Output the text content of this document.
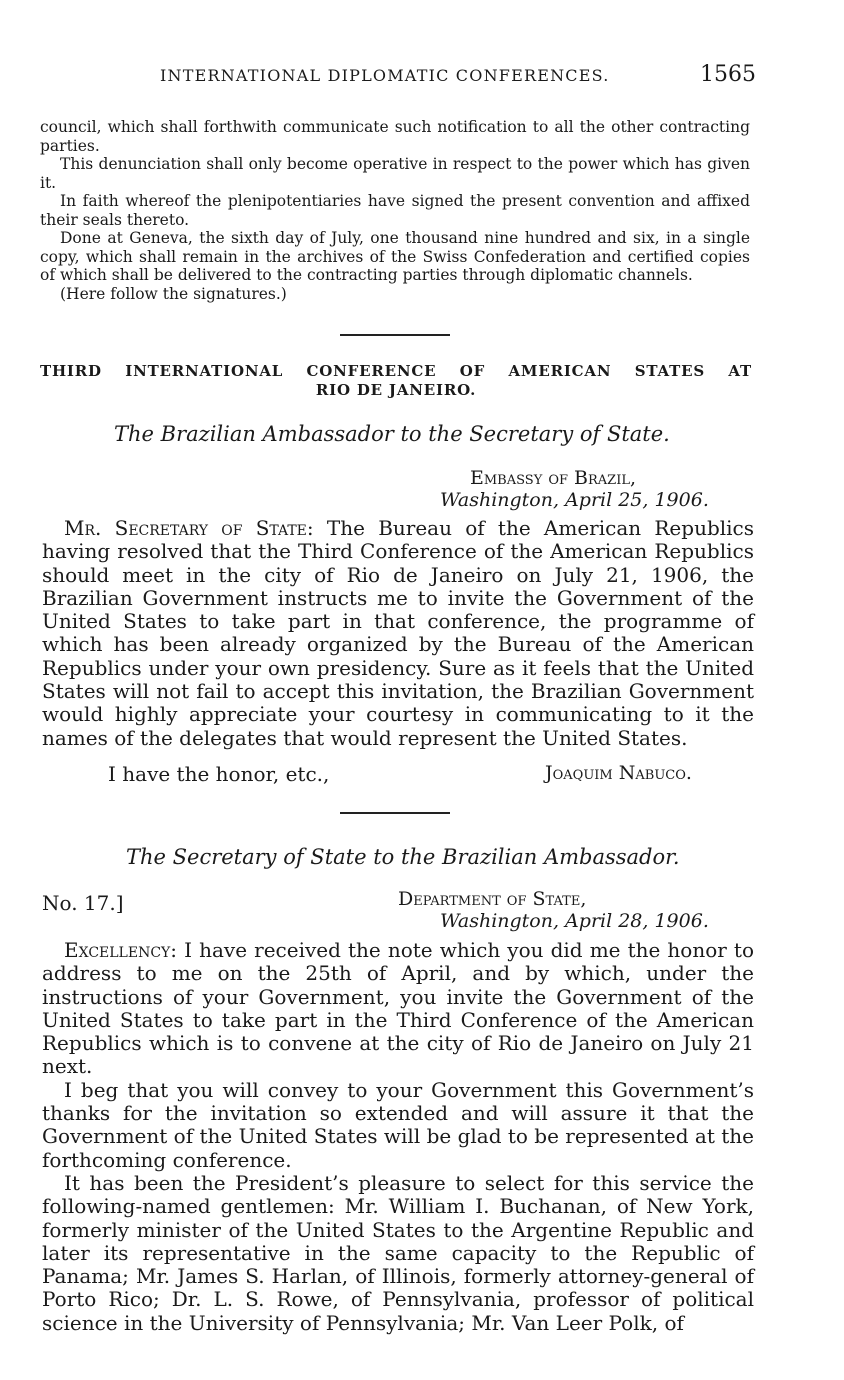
INTERNATIONAL DIPLOMATIC CONFERENCES.	1565

council, which shall forthwith communicate such notification to all the other contracting parties.

This denunciation shall only become operative in respect to the power which has given it.

In faith whereof the plenipotentiaries have signed the present convention and affixed their seals thereto.

Done at Geneva, the sixth day of July, one thousand nine hundred and six, in a single copy, which shall remain in the archives of the Swiss Confederation and certified copies of which shall be delivered to the contracting parties through diplomatic channels.

(Here follow the signatures.)

THIRD INTERNATIONAL CONFERENCE OF AMERICAN STATES AT
RIO DE JANEIRO.
The Brazilian Ambassador to the Secretary of State.
Embassy of Brazil,
Washington, April 25, 1906.

Mr. Secretary of State: The Bureau of the American Republics having resolved that the Third Conference of the American Republics should meet in the city of Rio de Janeiro on July 21, 1906, the Brazilian Government instructs me to invite the Government of the United States to take part in that conference, the programme of which has been already organized by the Bureau of the American Republics under your own presidency. Sure as it feels that the United States will not fail to accept this invitation, the Brazilian Government would highly appreciate your courtesy in communicating to it the names of the delegates that would represent the United States.

I have the honor, etc.,	Joaquim Nabuco.
The Secretary of State to the Brazilian Ambassador.
No. 17.]	Department of State,
Washington, April 28, 1906.

Excellency: I have received the note which you did me the honor to address to me on the 25th of April, and by which, under the instructions of your Government, you invite the Government of the United States to take part in the Third Conference of the American Republics which is to convene at the city of Rio de Janeiro on July 21 next.

I beg that you will convey to your Government this Government’s thanks for the invitation so extended and will assure it that the Government of the United States will be glad to be represented at the forthcoming conference.

It has been the President’s pleasure to select for this service the following-named gentlemen: Mr. William I. Buchanan, of New York, formerly minister of the United States to the Argentine Republic and later its representative in the same capacity to the Republic of Panama; Mr. James S. Harlan, of Illinois, formerly attorney-general of Porto Rico; Dr. L. S. Rowe, of Pennsylvania, professor of political science in the University of Pennsylvania; Mr. Van Leer Polk, of
